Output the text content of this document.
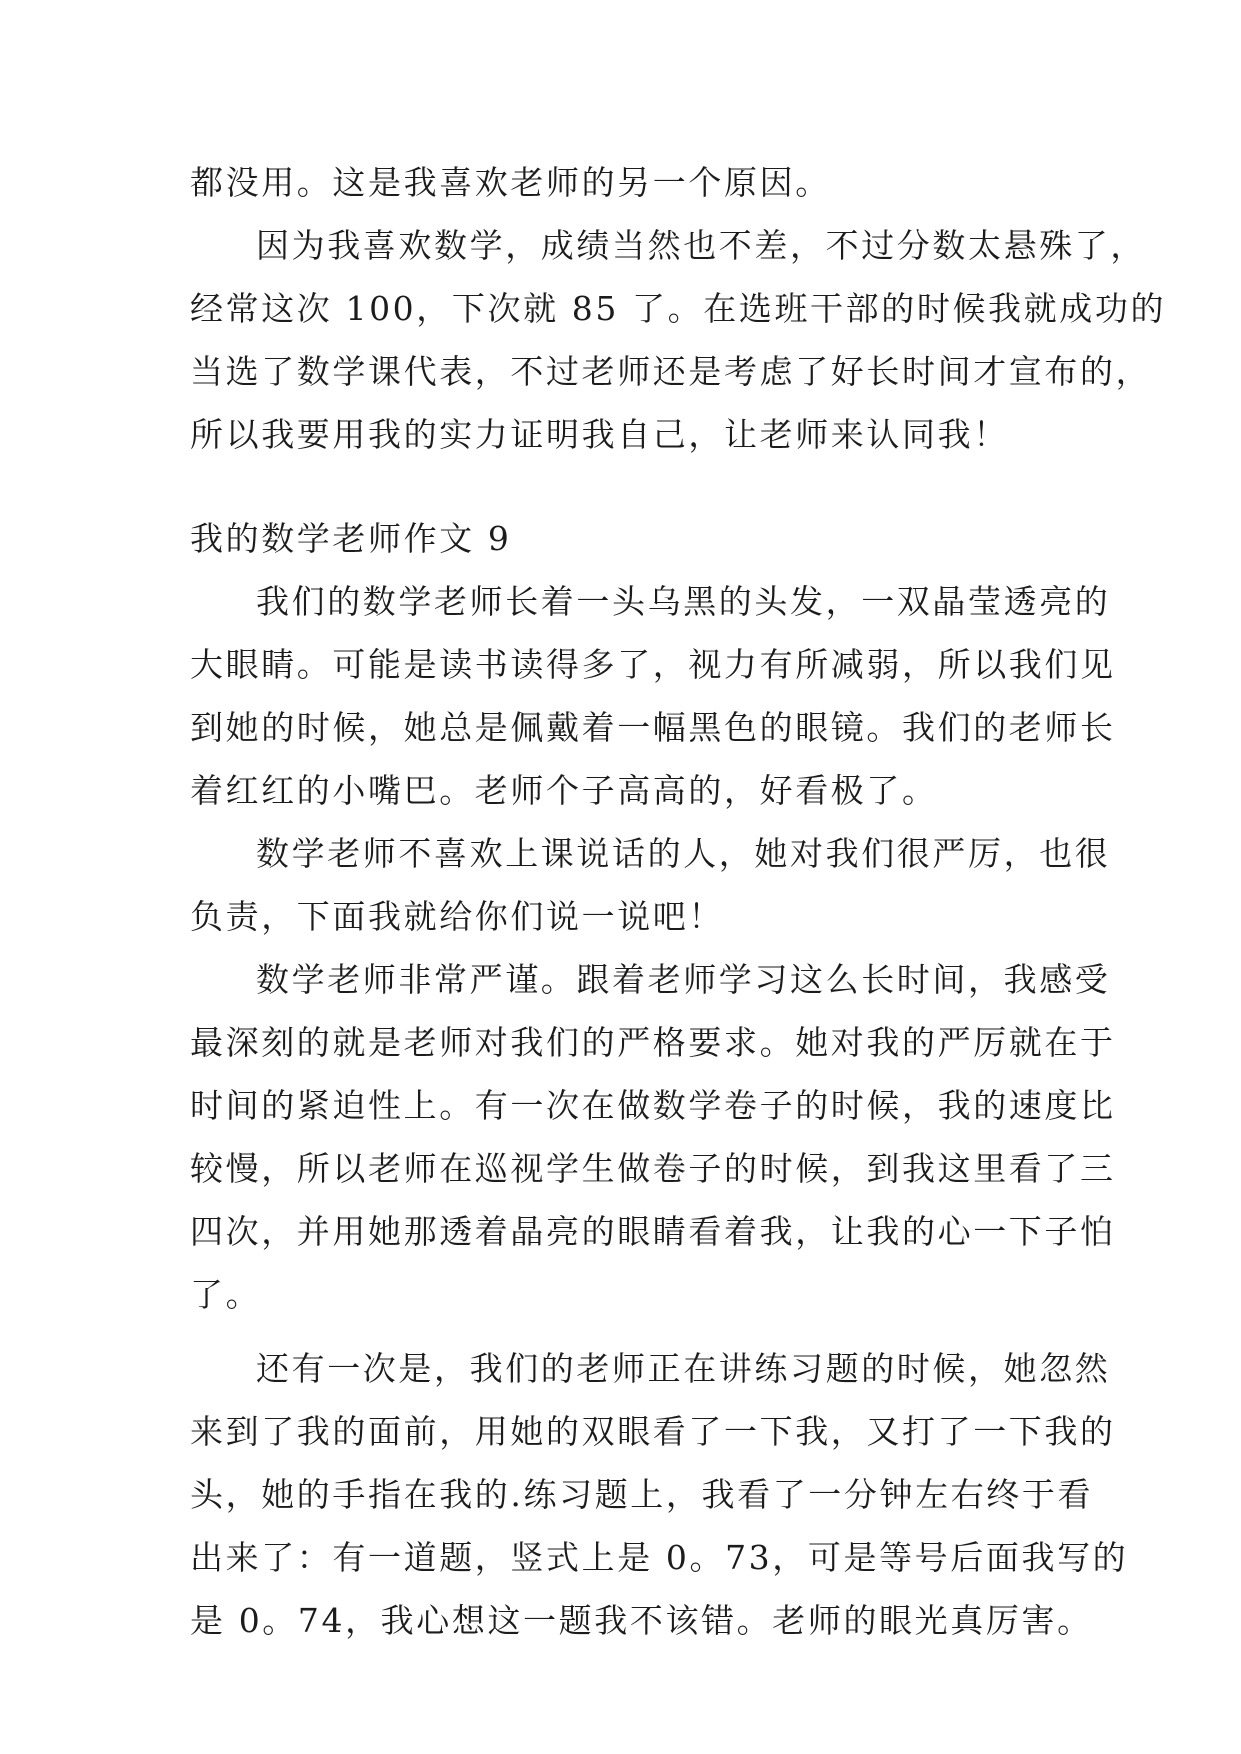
都没用。这是我喜欢老师的另一个原因。
因为我喜欢数学，成绩当然也不差，不过分数太悬殊了，
经常这次 100，下次就 85 了。在选班干部的时候我就成功的
当选了数学课代表，不过老师还是考虑了好长时间才宣布的，
所以我要用我的实力证明我自己，让老师来认同我！
我的数学老师作文 9
我们的数学老师长着一头乌黑的头发，一双晶莹透亮的
大眼睛。可能是读书读得多了，视力有所减弱，所以我们见
到她的时候，她总是佩戴着一幅黑色的眼镜。我们的老师长
着红红的小嘴巴。老师个子高高的，好看极了。
数学老师不喜欢上课说话的人，她对我们很严厉，也很
负责，下面我就给你们说一说吧！
数学老师非常严谨。跟着老师学习这么长时间，我感受
最深刻的就是老师对我们的严格要求。她对我的严厉就在于
时间的紧迫性上。有一次在做数学卷子的时候，我的速度比
较慢，所以老师在巡视学生做卷子的时候，到我这里看了三
四次，并用她那透着晶亮的眼睛看着我，让我的心一下子怕
了。
还有一次是，我们的老师正在讲练习题的时候，她忽然
来到了我的面前，用她的双眼看了一下我，又打了一下我的
头，她的手指在我的.练习题上，我看了一分钟左右终于看
出来了：有一道题，竖式上是 0。73，可是等号后面我写的
是 0。74，我心想这一题我不该错。老师的眼光真厉害。
